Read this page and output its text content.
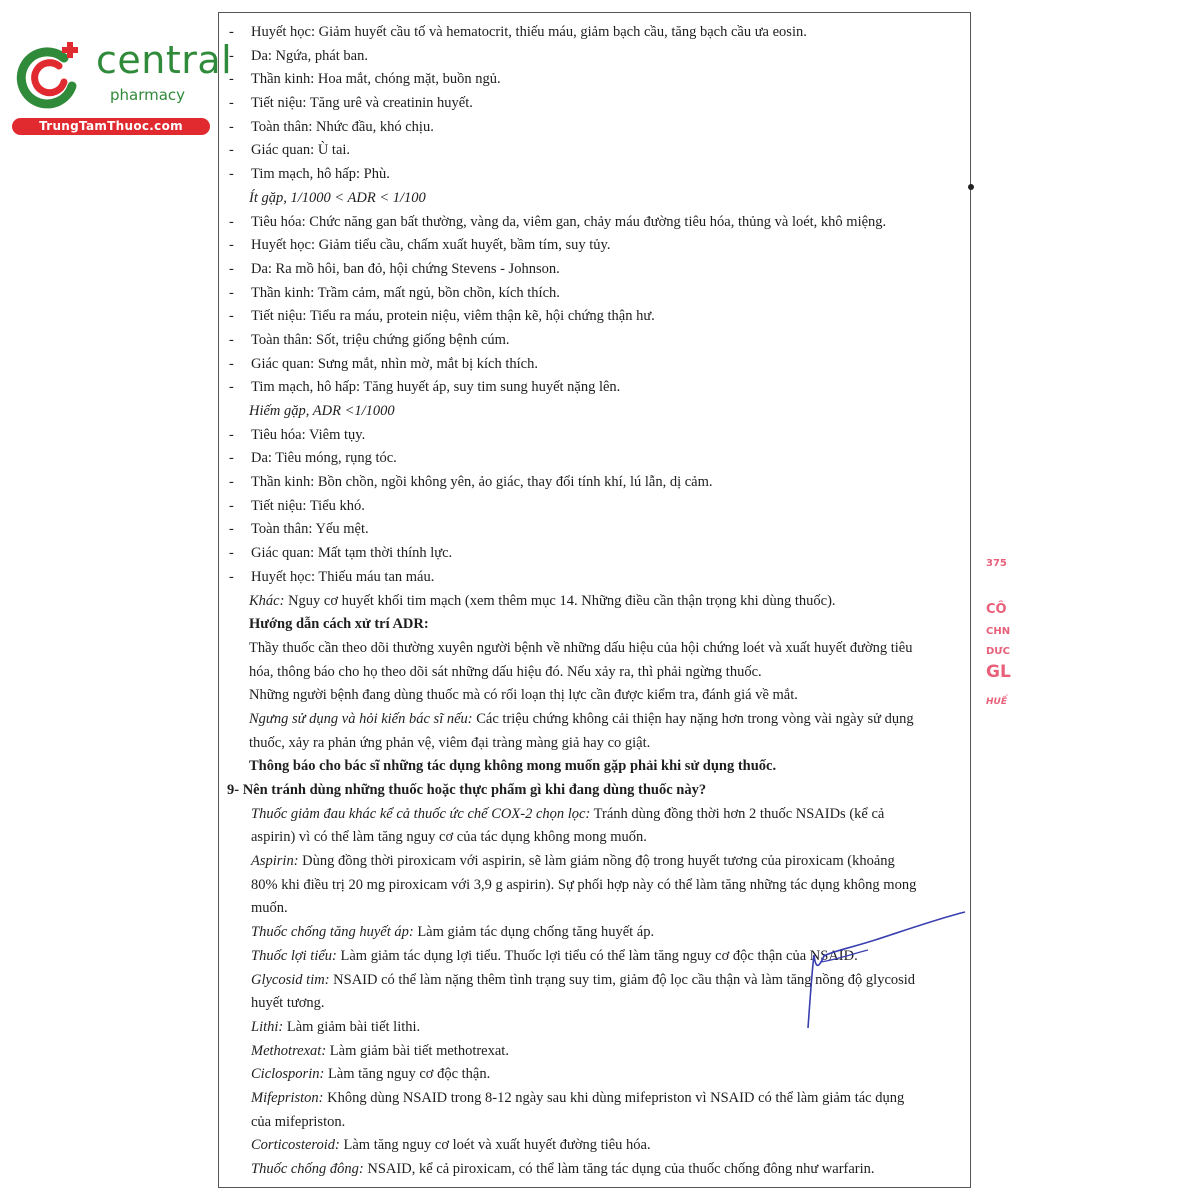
central
pharmacy
TrungTamThuoc.com
- Huyết học: Giảm huyết cầu tố và hematocrit, thiếu máu, giảm bạch cầu, tăng bạch cầu ưa eosin.
- Da: Ngứa, phát ban.
- Thần kinh: Hoa mắt, chóng mặt, buồn ngủ.
- Tiết niệu: Tăng urê và creatinin huyết.
- Toàn thân: Nhức đầu, khó chịu.
- Giác quan: Ù tai.
- Tim mạch, hô hấp: Phù.
Ít gặp, 1/1000 < ADR < 1/100
- Tiêu hóa: Chức năng gan bất thường, vàng da, viêm gan, chảy máu đường tiêu hóa, thủng và loét, khô miệng.
- Huyết học: Giảm tiểu cầu, chấm xuất huyết, bầm tím, suy tủy.
- Da: Ra mồ hôi, ban đỏ, hội chứng Stevens - Johnson.
- Thần kinh: Trầm cảm, mất ngủ, bồn chồn, kích thích.
- Tiết niệu: Tiểu ra máu, protein niệu, viêm thận kẽ, hội chứng thận hư.
- Toàn thân: Sốt, triệu chứng giống bệnh cúm.
- Giác quan: Sưng mắt, nhìn mờ, mắt bị kích thích.
- Tim mạch, hô hấp: Tăng huyết áp, suy tim sung huyết nặng lên.
Hiếm gặp, ADR <1/1000
- Tiêu hóa: Viêm tụy.
- Da: Tiêu móng, rụng tóc.
- Thần kinh: Bồn chồn, ngồi không yên, ảo giác, thay đổi tính khí, lú lẫn, dị cảm.
- Tiết niệu: Tiểu khó.
- Toàn thân: Yếu mệt.
- Giác quan: Mất tạm thời thính lực.
- Huyết học: Thiếu máu tan máu.
Khác: Nguy cơ huyết khối tim mạch (xem thêm mục 14. Những điều cần thận trọng khi dùng thuốc).
Hướng dẫn cách xử trí ADR:
Thầy thuốc cần theo dõi thường xuyên người bệnh về những dấu hiệu của hội chứng loét và xuất huyết đường tiêu
hóa, thông báo cho họ theo dõi sát những dấu hiệu đó. Nếu xảy ra, thì phải ngừng thuốc.
Những người bệnh đang dùng thuốc mà có rối loạn thị lực cần được kiểm tra, đánh giá về mắt.
Ngưng sử dụng và hỏi kiến bác sĩ nếu: Các triệu chứng không cải thiện hay nặng hơn trong vòng vài ngày sử dụng
thuốc, xảy ra phản ứng phản vệ, viêm đại tràng màng giả hay co giật.
Thông báo cho bác sĩ những tác dụng không mong muốn gặp phải khi sử dụng thuốc.
9- Nên tránh dùng những thuốc hoặc thực phẩm gì khi đang dùng thuốc này?
Thuốc giảm đau khác kể cả thuốc ức chế COX-2 chọn lọc: Tránh dùng đồng thời hơn 2 thuốc NSAIDs (kể cả
aspirin) vì có thể làm tăng nguy cơ của tác dụng không mong muốn.
Aspirin: Dùng đồng thời piroxicam với aspirin, sẽ làm giảm nồng độ trong huyết tương của piroxicam (khoảng
80% khi điều trị 20 mg piroxicam với 3,9 g aspirin). Sự phối hợp này có thể làm tăng những tác dụng không mong
muốn.
Thuốc chống tăng huyết áp: Làm giảm tác dụng chống tăng huyết áp.
Thuốc lợi tiểu: Làm giảm tác dụng lợi tiểu. Thuốc lợi tiểu có thể làm tăng nguy cơ độc thận của NSAID.
Glycosid tim: NSAID có thể làm nặng thêm tình trạng suy tim, giảm độ lọc cầu thận và làm tăng nồng độ glycosid
huyết tương.
Lithi: Làm giảm bài tiết lithi.
Methotrexat: Làm giảm bài tiết methotrexat.
Ciclosporin: Làm tăng nguy cơ độc thận.
Mifepriston: Không dùng NSAID trong 8-12 ngày sau khi dùng mifepriston vì NSAID có thể làm giảm tác dụng
của mifepriston.
Corticosteroid: Làm tăng nguy cơ loét và xuất huyết đường tiêu hóa.
Thuốc chống đông: NSAID, kể cả piroxicam, có thể làm tăng tác dụng của thuốc chống đông như warfarin.
375
CÔ
CHN
DƯC
GL
HUẾ
